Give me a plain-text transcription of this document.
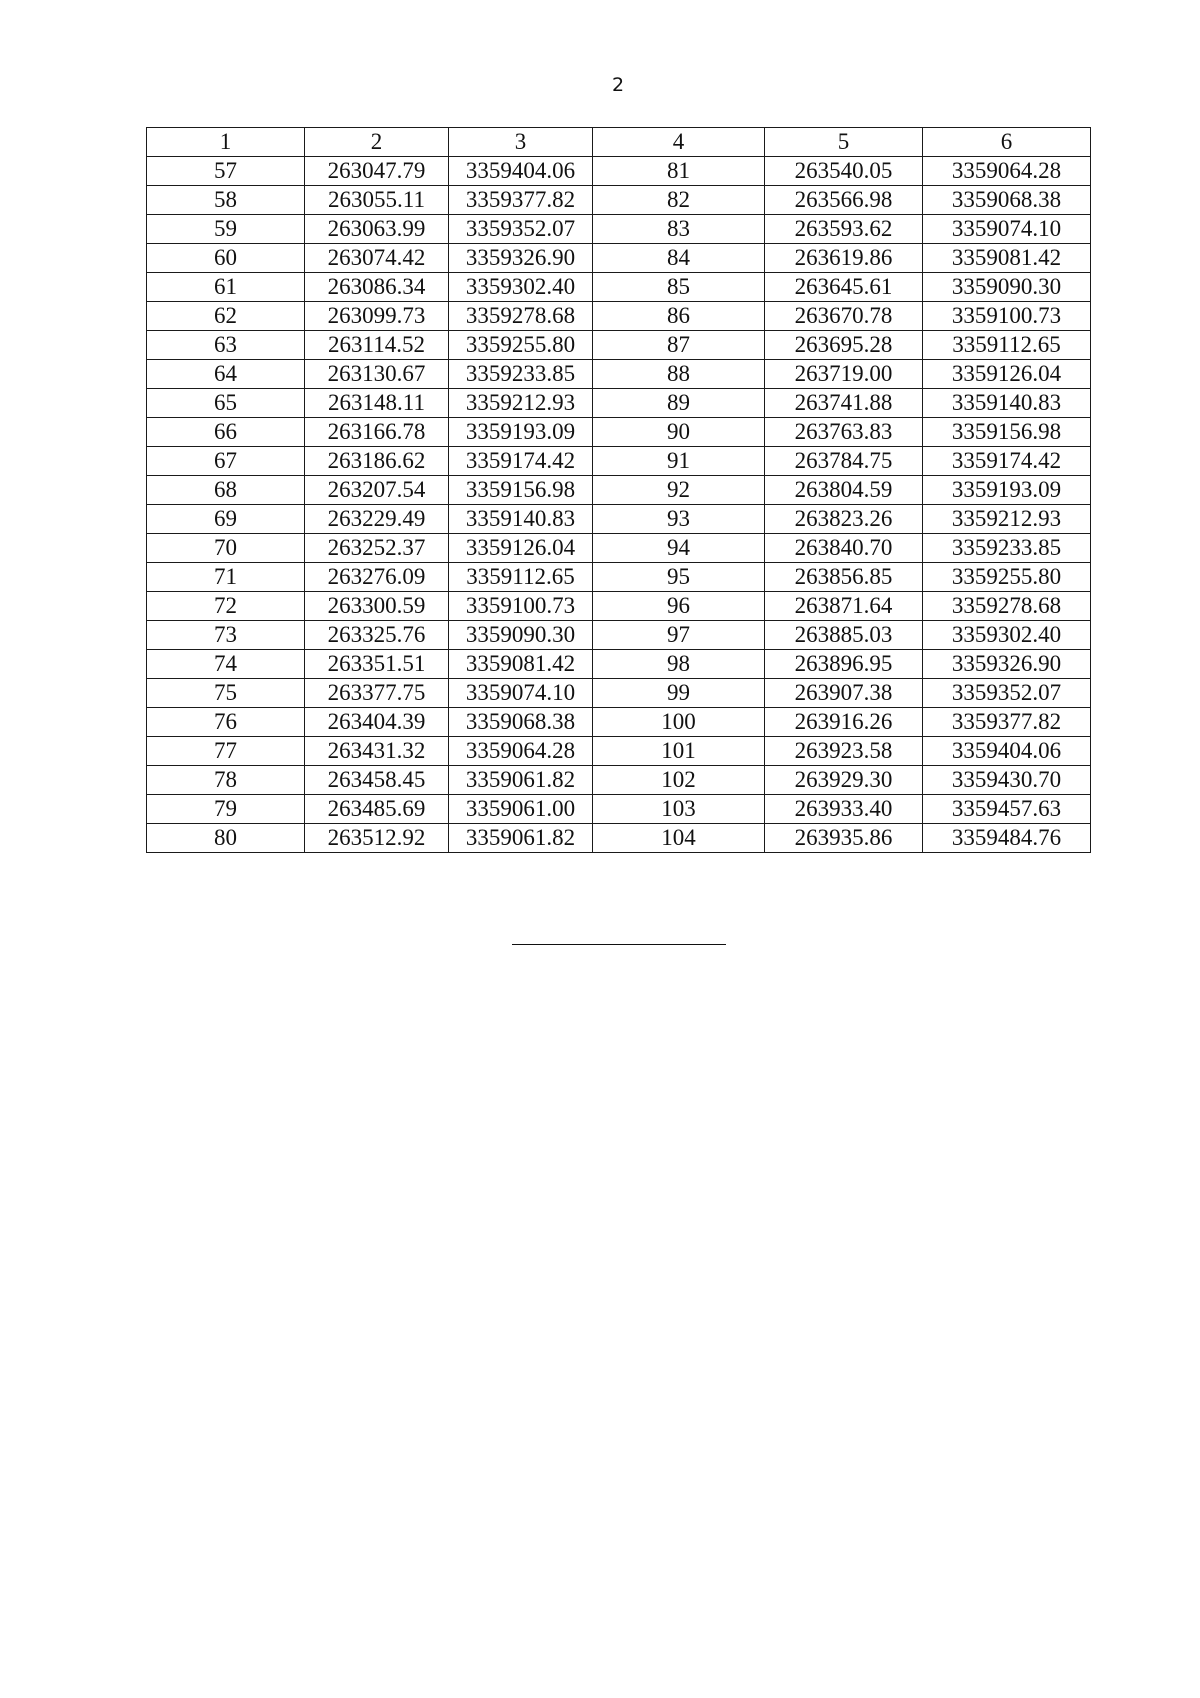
2
1	2	3	4	5	6
57	263047.79	3359404.06	81	263540.05	3359064.28
58	263055.11	3359377.82	82	263566.98	3359068.38
59	263063.99	3359352.07	83	263593.62	3359074.10
60	263074.42	3359326.90	84	263619.86	3359081.42
61	263086.34	3359302.40	85	263645.61	3359090.30
62	263099.73	3359278.68	86	263670.78	3359100.73
63	263114.52	3359255.80	87	263695.28	3359112.65
64	263130.67	3359233.85	88	263719.00	3359126.04
65	263148.11	3359212.93	89	263741.88	3359140.83
66	263166.78	3359193.09	90	263763.83	3359156.98
67	263186.62	3359174.42	91	263784.75	3359174.42
68	263207.54	3359156.98	92	263804.59	3359193.09
69	263229.49	3359140.83	93	263823.26	3359212.93
70	263252.37	3359126.04	94	263840.70	3359233.85
71	263276.09	3359112.65	95	263856.85	3359255.80
72	263300.59	3359100.73	96	263871.64	3359278.68
73	263325.76	3359090.30	97	263885.03	3359302.40
74	263351.51	3359081.42	98	263896.95	3359326.90
75	263377.75	3359074.10	99	263907.38	3359352.07
76	263404.39	3359068.38	100	263916.26	3359377.82
77	263431.32	3359064.28	101	263923.58	3359404.06
78	263458.45	3359061.82	102	263929.30	3359430.70
79	263485.69	3359061.00	103	263933.40	3359457.63
80	263512.92	3359061.82	104	263935.86	3359484.76
